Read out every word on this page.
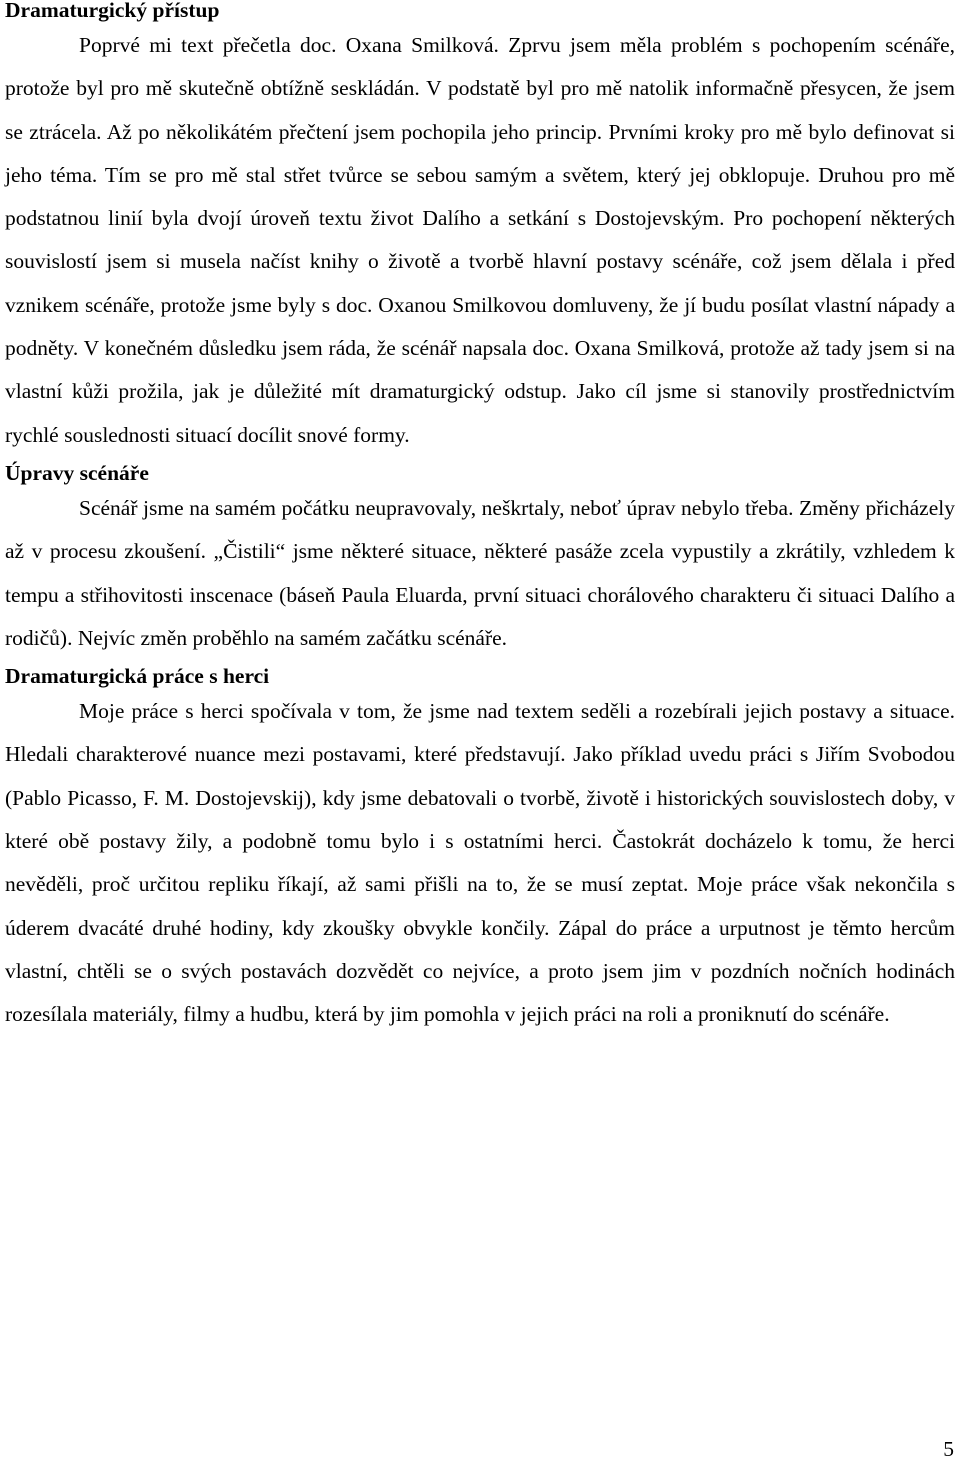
Dramaturgický přístup

Poprvé mi text přečetla doc. Oxana Smilková. Zprvu jsem měla problém s pochopením scénáře, protože byl pro mě skutečně obtížně seskládán. V podstatě byl pro mě natolik informačně přesycen, že jsem se ztrácela. Až po několikátém přečtení jsem pochopila jeho princip. Prvními kroky pro mě bylo definovat si jeho téma. Tím se pro mě stal střet tvůrce se sebou samým a světem, který jej obklopuje. Druhou pro mě podstatnou linií byla dvojí úroveň textu život Dalího a setkání s Dostojevským. Pro pochopení některých souvislostí jsem si musela načíst knihy o životě a tvorbě hlavní postavy scénáře, což jsem dělala i před vznikem scénáře, protože jsme byly s doc. Oxanou Smilkovou domluveny, že jí budu posílat vlastní nápady a podněty. V konečném důsledku jsem ráda, že scénář napsala doc. Oxana Smilková, protože až tady jsem si na vlastní kůži prožila, jak je důležité mít dramaturgický odstup. Jako cíl jsme si stanovily prostřednictvím rychlé souslednosti situací docílit snové formy.

Úpravy scénáře

Scénář jsme na samém počátku neupravovaly, neškrtaly, neboť úprav nebylo třeba. Změny přicházely až v procesu zkoušení. „Čistili“ jsme některé situace, některé pasáže zcela vypustily a zkrátily, vzhledem k tempu a střihovitosti inscenace (báseň Paula Eluarda, první situaci chorálového charakteru či situaci Dalího a rodičů). Nejvíc změn proběhlo na samém začátku scénáře.

Dramaturgická práce s herci

Moje práce s herci spočívala v tom, že jsme nad textem seděli a rozebírali jejich postavy a situace. Hledali charakterové nuance mezi postavami, které představují. Jako příklad uvedu práci s Jiřím Svobodou (Pablo Picasso, F. M. Dostojevskij), kdy jsme debatovali o tvorbě, životě i historických souvislostech doby, v které obě postavy žily, a podobně tomu bylo i s ostatními herci. Častokrát docházelo k tomu, že herci nevěděli, proč určitou repliku říkají, až sami přišli na to, že se musí zeptat. Moje práce však nekončila s úderem dvacáté druhé hodiny, kdy zkoušky obvykle končily. Zápal do práce a urputnost je těmto hercům vlastní, chtěli se o svých postavách dozvědět co nejvíce, a proto jsem jim v pozdních nočních hodinách rozesílala materiály, filmy a hudbu, která by jim pomohla v jejich práci na roli a proniknutí do scénáře.

5
